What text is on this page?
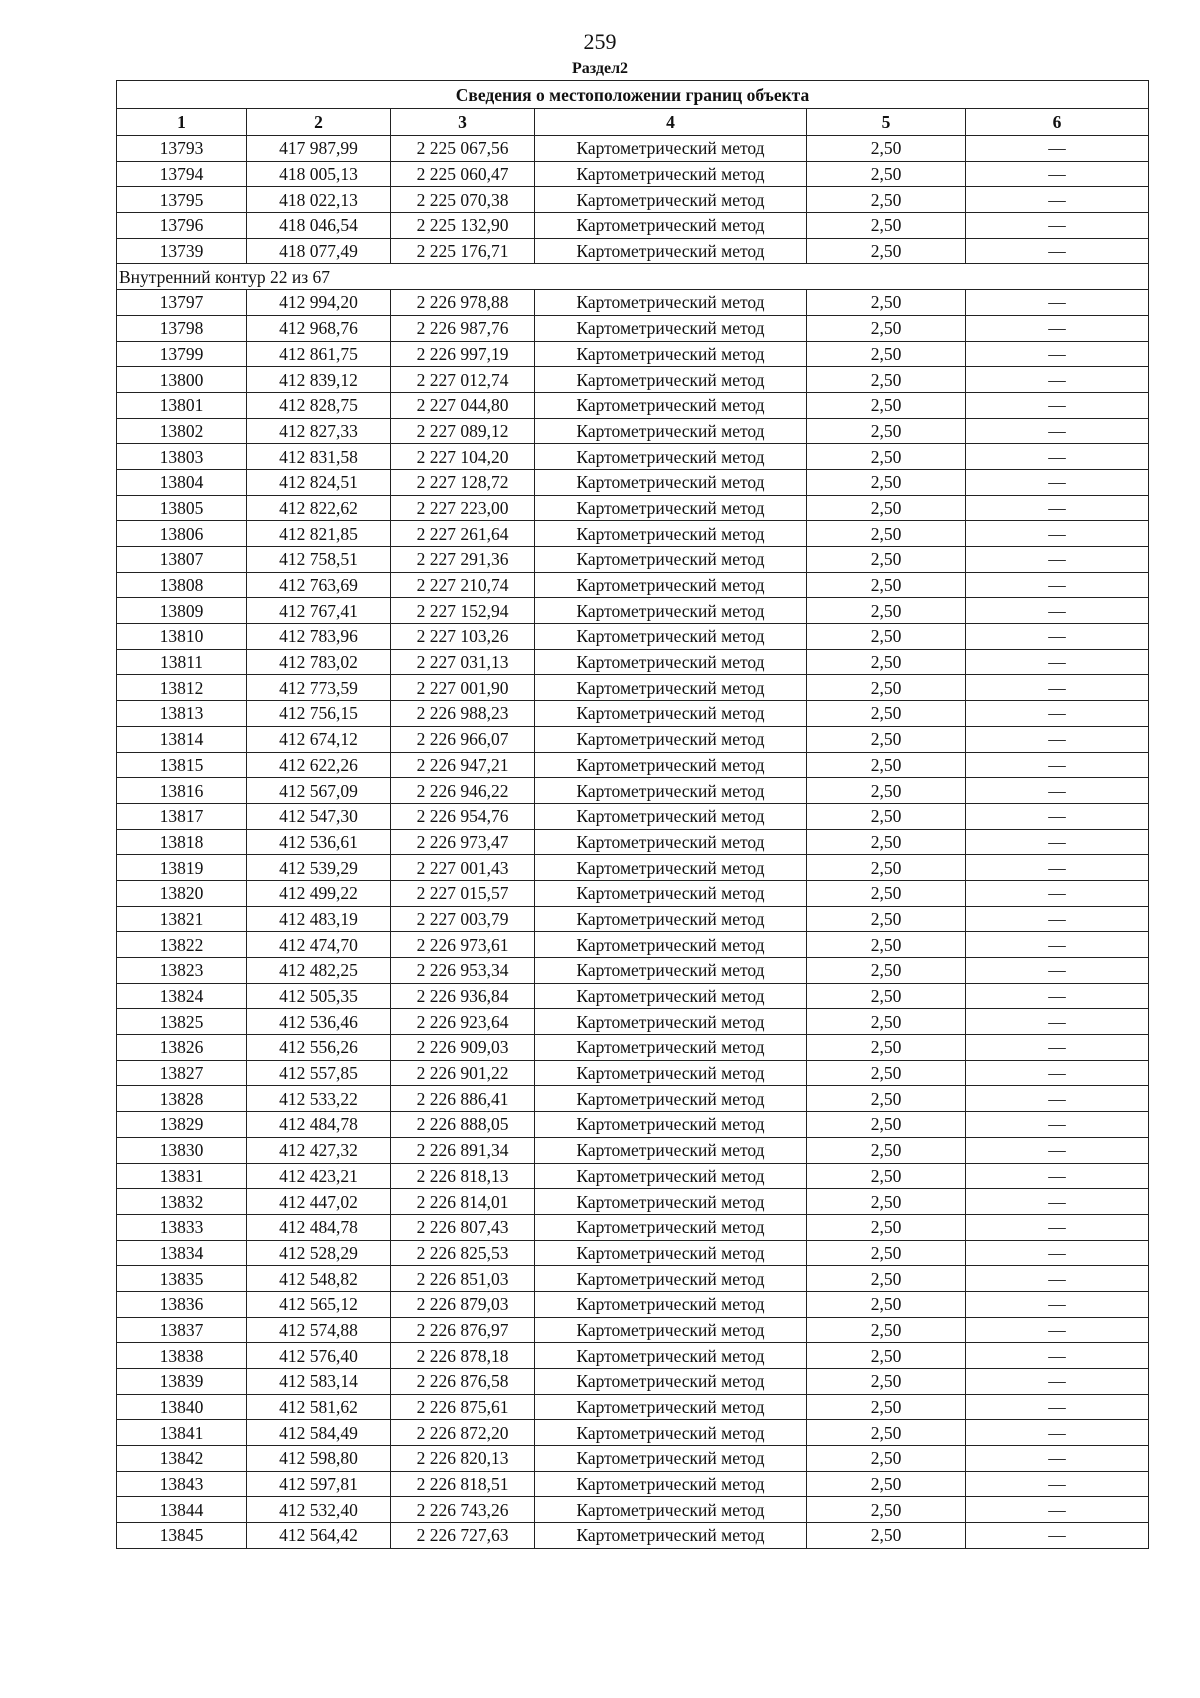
259
Раздел2
Сведения о местоположении границ объекта					
1	2	3	4	5	6
13793	417 987,99	2 225 067,56	Картометрический метод	2,50	—
13794	418 005,13	2 225 060,47	Картометрический метод	2,50	—
13795	418 022,13	2 225 070,38	Картометрический метод	2,50	—
13796	418 046,54	2 225 132,90	Картометрический метод	2,50	—
13739	418 077,49	2 225 176,71	Картометрический метод	2,50	—
Внутренний контур 22 из 67					
13797	412 994,20	2 226 978,88	Картометрический метод	2,50	—
13798	412 968,76	2 226 987,76	Картометрический метод	2,50	—
13799	412 861,75	2 226 997,19	Картометрический метод	2,50	—
13800	412 839,12	2 227 012,74	Картометрический метод	2,50	—
13801	412 828,75	2 227 044,80	Картометрический метод	2,50	—
13802	412 827,33	2 227 089,12	Картометрический метод	2,50	—
13803	412 831,58	2 227 104,20	Картометрический метод	2,50	—
13804	412 824,51	2 227 128,72	Картометрический метод	2,50	—
13805	412 822,62	2 227 223,00	Картометрический метод	2,50	—
13806	412 821,85	2 227 261,64	Картометрический метод	2,50	—
13807	412 758,51	2 227 291,36	Картометрический метод	2,50	—
13808	412 763,69	2 227 210,74	Картометрический метод	2,50	—
13809	412 767,41	2 227 152,94	Картометрический метод	2,50	—
13810	412 783,96	2 227 103,26	Картометрический метод	2,50	—
13811	412 783,02	2 227 031,13	Картометрический метод	2,50	—
13812	412 773,59	2 227 001,90	Картометрический метод	2,50	—
13813	412 756,15	2 226 988,23	Картометрический метод	2,50	—
13814	412 674,12	2 226 966,07	Картометрический метод	2,50	—
13815	412 622,26	2 226 947,21	Картометрический метод	2,50	—
13816	412 567,09	2 226 946,22	Картометрический метод	2,50	—
13817	412 547,30	2 226 954,76	Картометрический метод	2,50	—
13818	412 536,61	2 226 973,47	Картометрический метод	2,50	—
13819	412 539,29	2 227 001,43	Картометрический метод	2,50	—
13820	412 499,22	2 227 015,57	Картометрический метод	2,50	—
13821	412 483,19	2 227 003,79	Картометрический метод	2,50	—
13822	412 474,70	2 226 973,61	Картометрический метод	2,50	—
13823	412 482,25	2 226 953,34	Картометрический метод	2,50	—
13824	412 505,35	2 226 936,84	Картометрический метод	2,50	—
13825	412 536,46	2 226 923,64	Картометрический метод	2,50	—
13826	412 556,26	2 226 909,03	Картометрический метод	2,50	—
13827	412 557,85	2 226 901,22	Картометрический метод	2,50	—
13828	412 533,22	2 226 886,41	Картометрический метод	2,50	—
13829	412 484,78	2 226 888,05	Картометрический метод	2,50	—
13830	412 427,32	2 226 891,34	Картометрический метод	2,50	—
13831	412 423,21	2 226 818,13	Картометрический метод	2,50	—
13832	412 447,02	2 226 814,01	Картометрический метод	2,50	—
13833	412 484,78	2 226 807,43	Картометрический метод	2,50	—
13834	412 528,29	2 226 825,53	Картометрический метод	2,50	—
13835	412 548,82	2 226 851,03	Картометрический метод	2,50	—
13836	412 565,12	2 226 879,03	Картометрический метод	2,50	—
13837	412 574,88	2 226 876,97	Картометрический метод	2,50	—
13838	412 576,40	2 226 878,18	Картометрический метод	2,50	—
13839	412 583,14	2 226 876,58	Картометрический метод	2,50	—
13840	412 581,62	2 226 875,61	Картометрический метод	2,50	—
13841	412 584,49	2 226 872,20	Картометрический метод	2,50	—
13842	412 598,80	2 226 820,13	Картометрический метод	2,50	—
13843	412 597,81	2 226 818,51	Картометрический метод	2,50	—
13844	412 532,40	2 226 743,26	Картометрический метод	2,50	—
13845	412 564,42	2 226 727,63	Картометрический метод	2,50	—
